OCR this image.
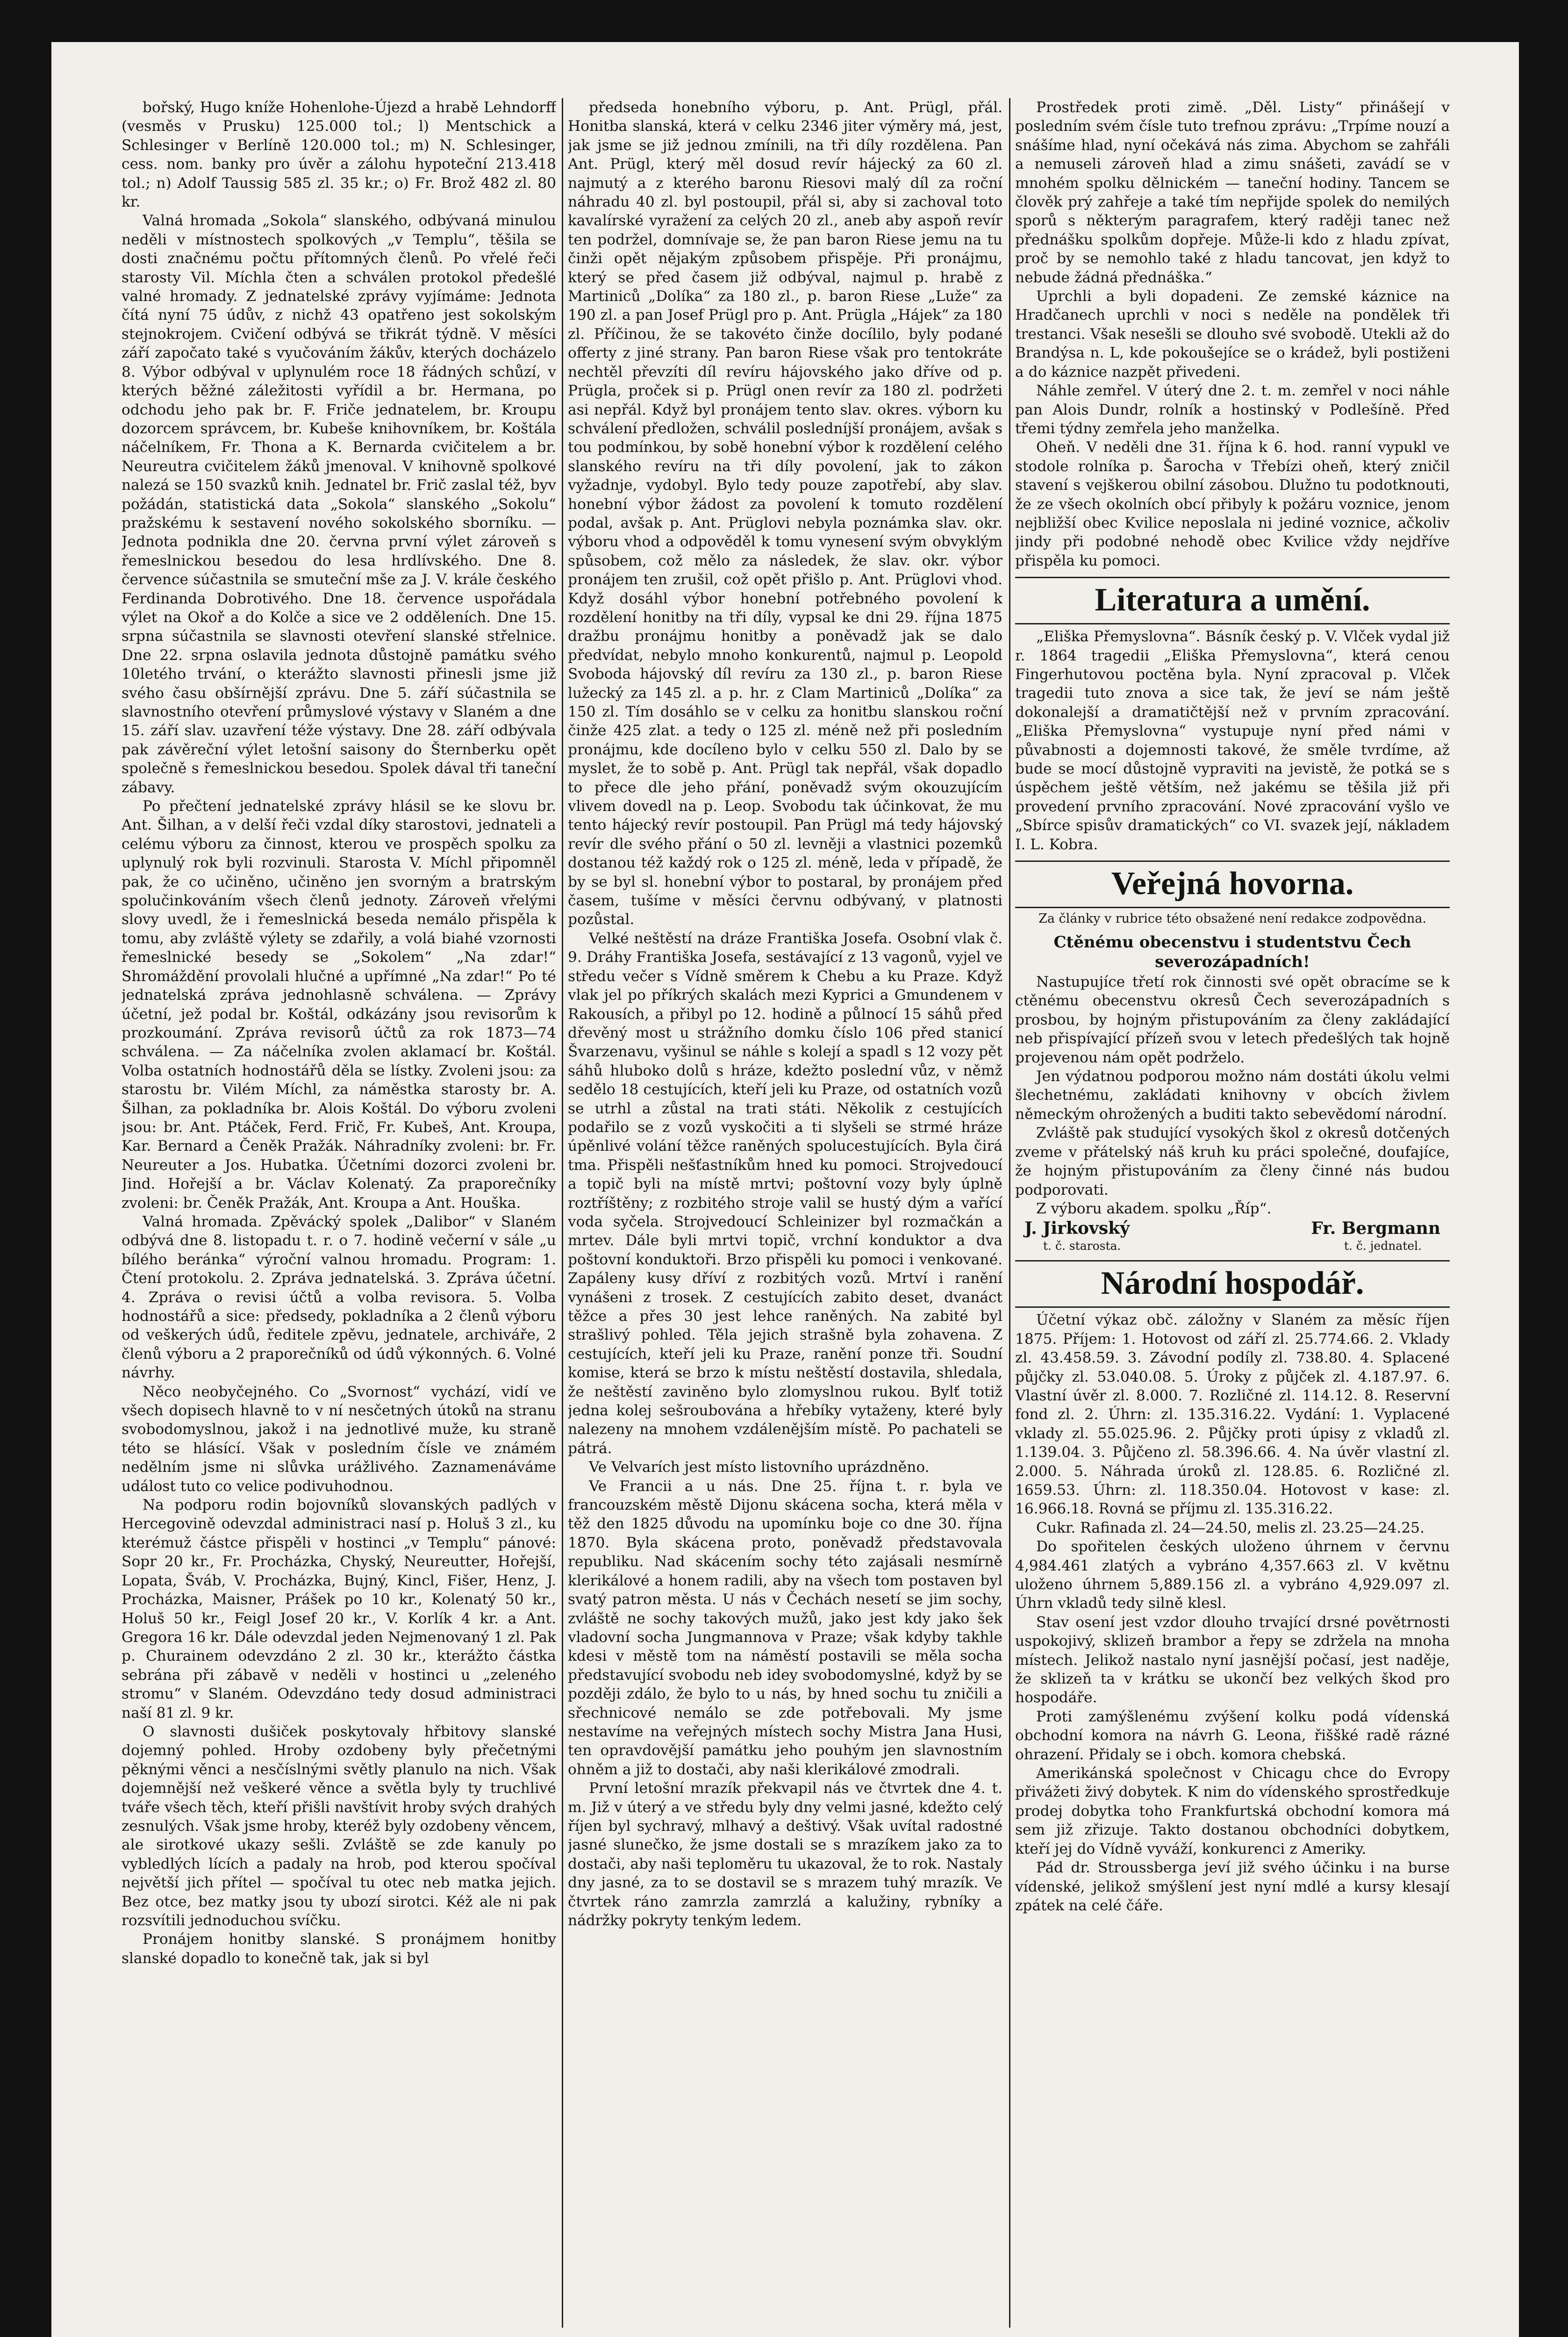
bořský, Hugo kníže Hohenlohe-Újezd a hrabě Lehndorff (vesměs v Prusku) 125.000 tol.; l) Mentschick a Schlesinger v Berlíně 120.000 tol.; m) N. Schlesinger, cess. nom. banky pro úvěr a zálohu hypoteční 213.418 tol.; n) Adolf Taussig 585 zl. 35 kr.; o) Fr. Brož 482 zl. 80 kr.

Valná hromada „Sokola“ slanského, odbývaná minulou neděli v místnostech spolkových „v Templu“, těšila se dosti značnému počtu přítomných členů. Po vřelé řeči starosty Vil. Míchla čten a schválen protokol předešlé valné hromady. Z jednatelské zprávy vyjímáme: Jednota čítá nyní 75 údův, z nichž 43 opatřeno jest sokolským stejnokrojem. Cvičení odbývá se třikrát týdně. V měsíci září započato také s vyučováním žákův, kterých docházelo 8. Výbor odbýval v uplynulém roce 18 řádných schůzí, v kterých běžné záležitosti vyřídil a br. Hermana, po odchodu jeho pak br. F. Friče jednatelem, br. Kroupu dozorcem správcem, br. Kubeše knihovníkem, br. Koštála náčelníkem, Fr. Thona a K. Bernarda cvičitelem a br. Neureutra cvičitelem žáků jmenoval. V knihovně spolkové nalezá se 150 svazků knih. Jednatel br. Frič zaslal též, byv požádán, statistická data „Sokola“ slanského „Sokolu“ pražskému k sestavení nového sokolského sborníku. — Jednota podnikla dne 20. června první výlet zároveň s řemeslnickou besedou do lesa hrdlívského. Dne 8. července súčastnila se smuteční mše za J. V. krále českého Ferdinanda Dobrotivého. Dne 18. července uspořádala výlet na Okoř a do Kolče a sice ve 2 odděleních. Dne 15. srpna súčastnila se slavnosti otevření slanské střelnice. Dne 22. srpna oslavila jednota důstojně památku svého 10letého trvání, o kterážto slavnosti přinesli jsme již svého času obšírnější zprávu. Dne 5. září súčastnila se slavnostního otevření průmyslové výstavy v Slaném a dne 15. září slav. uzavření téže výstavy. Dne 28. září odbývala pak závěreční výlet letošní saisony do Šternberku opět společně s řemeslnickou besedou. Spolek dával tři taneční zábavy.

Po přečtení jednatelské zprávy hlásil se ke slovu br. Ant. Šilhan, a v delší řeči vzdal díky starostovi, jednateli a celému výboru za činnost, kterou ve prospěch spolku za uplynulý rok byli rozvinuli. Starosta V. Míchl připomněl pak, že co učiněno, učiněno jen svorným a bratrským spolučinkováním všech členů jednoty. Zároveň vřelými slovy uvedl, že i řemeslnická beseda nemálo přispěla k tomu, aby zvláště výlety se zdařily, a volá biahé vzornosti řemeslnické besedy se „Sokolem“ „Na zdar!“ Shromáždění provolali hlučné a upřímné „Na zdar!“ Po té jednatelská zpráva jednohlasně schválena. — Zprávy účetní, jež podal br. Koštál, odkázány jsou revisorům k prozkoumání. Zpráva revisorů účtů za rok 1873—74 schválena. — Za náčelníka zvolen aklamací br. Koštál. Volba ostatních hodnostářů děla se lístky. Zvoleni jsou: za starostu br. Vilém Míchl, za náměstka starosty br. A. Šilhan, za pokladníka br. Alois Koštál. Do výboru zvoleni jsou: br. Ant. Ptáček, Ferd. Frič, Fr. Kubeš, Ant. Kroupa, Kar. Bernard a Čeněk Pražák. Náhradníky zvoleni: br. Fr. Neureuter a Jos. Hubatka. Účetními dozorci zvoleni br. Jind. Hořejší a br. Václav Kolenatý. Za praporečníky zvoleni: br. Čeněk Pražák, Ant. Kroupa a Ant. Houška.

Valná hromada. Zpěvácký spolek „Dalibor“ v Slaném odbývá dne 8. listopadu t. r. o 7. hodině večerní v sále „u bílého beránka“ výroční valnou hromadu. Program: 1. Čtení protokolu. 2. Zpráva jednatelská. 3. Zpráva účetní. 4. Zpráva o revisi účtů a volba revisora. 5. Volba hodnostářů a sice: předsedy, pokladníka a 2 členů výboru od veškerých údů, ředitele zpěvu, jednatele, archiváře, 2 členů výboru a 2 praporečníků od údů výkonných. 6. Volné návrhy.

Něco neobyčejného. Co „Svornost“ vychází, vidí ve všech dopisech hlavně to v ní nesčetných útoků na stranu svobodomyslnou, jakož i na jednotlivé muže, ku straně této se hlásící. Však v posledním čísle ve známém nedělním jsme ni slůvka urážlivého. Zaznamenáváme událost tuto co velice podivuhodnou.

Na podporu rodin bojovníků slovanských padlých v Hercegovině odevzdal administraci nasí p. Holuš 3 zl., ku kterémuž částce přispěli v hostinci „v Templu“ pánové: Sopr 20 kr., Fr. Procházka, Chyský, Neureutter, Hořejší, Lopata, Šváb, V. Procházka, Bujný, Kincl, Fišer, Henz, J. Procházka, Maisner, Prášek po 10 kr., Kolenatý 50 kr., Holuš 50 kr., Feigl Josef 20 kr., V. Korlík 4 kr. a Ant. Gregora 16 kr. Dále odevzdal jeden Nejmenovaný 1 zl. Pak p. Churainem odevzdáno 2 zl. 30 kr., kterážto částka sebrána při zábavě v neděli v hostinci u „zeleného stromu“ v Slaném. Odevzdáno tedy dosud administraci naší 81 zl. 9 kr.

O slavnosti dušiček poskytovaly hřbitovy slanské dojemný pohled. Hroby ozdobeny byly přečetnými pěknými věnci a nesčíslnými světly planulo na nich. Však dojemnější než veškeré věnce a světla byly ty truchlivé tváře všech těch, kteří přišli navštívit hroby svých drahých zesnulých. Však jsme hroby, kteréž byly ozdobeny věncem, ale sirotkové ukazy sešli. Zvláště se zde kanuly po vybledlých lících a padaly na hrob, pod kterou spočíval největší jich přítel — spočíval tu otec neb matka jejich. Bez otce, bez matky jsou ty ubozí sirotci. Kéž ale ni pak rozsvítili jednoduchou svíčku.

Pronájem honitby slanské. S pronájmem honitby slanské dopadlo to konečně tak, jak si byl

předseda honebního výboru, p. Ant. Prügl, přál. Honitba slanská, která v celku 2346 jiter výměry má, jest, jak jsme se již jednou zmínili, na tři díly rozdělena. Pan Ant. Prügl, který měl dosud revír hájecký za 60 zl. najmutý a z kterého baronu Riesovi malý díl za roční náhradu 40 zl. byl postoupil, přál si, aby si zachoval toto kavalírské vyražení za celých 20 zl., aneb aby aspoň revír ten podržel, domnívaje se, že pan baron Riese jemu na tu činži opět nějakým způsobem přispěje. Při pronájmu, který se před časem již odbýval, najmul p. hrabě z Martiniců „Dolíka“ za 180 zl., p. baron Riese „Luže“ za 190 zl. a pan Josef Prügl pro p. Ant. Prügla „Hájek“ za 180 zl. Příčinou, že se takovéto činže docílilo, byly podané offerty z jiné strany. Pan baron Riese však pro tentokráte nechtěl převzíti díl revíru hájovského jako dříve od p. Prügla, proček si p. Prügl onen revír za 180 zl. podržeti asi nepřál. Když byl pronájem tento slav. okres. výborn ku schválení předložen, schválil posledníjší pronájem, avšak s tou podmínkou, by sobě honební výbor k rozdělení celého slanského revíru na tři díly povolení, jak to zákon vyžadnje, vydobyl. Bylo tedy pouze zapotřebí, aby slav. honební výbor žádost za povolení k tomuto rozdělení podal, avšak p. Ant. Prüglovi nebyla poznámka slav. okr. výboru vhod a odpověděl k tomu vynesení svým obvyklým spůsobem, což mělo za následek, že slav. okr. výbor pronájem ten zrušil, což opět přišlo p. Ant. Prüglovi vhod. Když dosáhl výbor honební potřebného povolení k rozdělení honitby na tři díly, vypsal ke dni 29. října 1875 dražbu pronájmu honitby a poněvadž jak se dalo předvídat, nebylo mnoho konkurentů, najmul p. Leopold Svoboda hájovský díl revíru za 130 zl., p. baron Riese lužecký za 145 zl. a p. hr. z Clam Martiniců „Dolíka“ za 150 zl. Tím dosáhlo se v celku za honitbu slanskou roční činže 425 zlat. a tedy o 125 zl. méně než při posledním pronájmu, kde docíleno bylo v celku 550 zl. Dalo by se myslet, že to sobě p. Ant. Prügl tak nepřál, však dopadlo to přece dle jeho přání, poněvadž svým okouzujícím vlivem dovedl na p. Leop. Svobodu tak účinkovat, že mu tento hájecký revír postoupil. Pan Prügl má tedy hájovský revír dle svého přání o 50 zl. levněji a vlastnici pozemků dostanou též každý rok o 125 zl. méně, leda v případě, že by se byl sl. honební výbor to postaral, by pronájem před časem, tušíme v měsíci červnu odbývaný, v platnosti pozůstal.

Velké neštěstí na dráze Františka Josefa. Osobní vlak č. 9. Dráhy Františka Josefa, sestávající z 13 vagonů, vyjel ve středu večer s Vídně směrem k Chebu a ku Praze. Když vlak jel po příkrých skalách mezi Kyprici a Gmundenem v Rakousích, a přibyl po 12. hodině a půlnocí 15 sáhů před dřevěný most u strážního domku číslo 106 před stanicí Švarzenavu, vyšinul se náhle s kolejí a spadl s 12 vozy pět sáhů hluboko dolů s hráze, kdežto poslední vůz, v němž sedělo 18 cestujících, kteří jeli ku Praze, od ostatních vozů se utrhl a zůstal na trati státi. Několik z cestujících podařilo se z vozů vyskočiti a ti slyšeli se strmé hráze úpěnlivé volání těžce raněných spolucestujících. Byla čirá tma. Přispěli nešťastníkům hned ku pomoci. Strojvedoucí a topič byli na místě mrtvi; poštovní vozy byly úplně roztříštěny; z rozbitého stroje valil se hustý dým a vařící voda syčela. Strojvedoucí Schleinizer byl rozmačkán a mrtev. Dále byli mrtvi topič, vrchní konduktor a dva poštovní konduktoři. Brzo přispěli ku pomoci i venkované. Zapáleny kusy dříví z rozbitých vozů. Mrtví i ranění vynášeni z trosek. Z cestujících zabito deset, dvanáct těžce a přes 30 jest lehce raněných. Na zabité byl strašlivý pohled. Těla jejich strašně byla zohavena. Z cestujících, kteří jeli ku Praze, ranění ponze tři. Soudní komise, která se brzo k místu neštěstí dostavila, shledala, že neštěstí zaviněno bylo zlomyslnou rukou. Bylť totiž jedna kolej sešroubována a hřebíky vytaženy, které byly nalezeny na mnohem vzdálenějším místě. Po pachateli se pátrá.

Ve Velvarích jest místo listovního uprázdněno.

Ve Francii a u nás. Dne 25. října t. r. byla ve francouzském městě Dijonu skácena socha, která měla v těž den 1825 důvodu na upomínku boje co dne 30. října 1870. Byla skácena proto, poněvadž představovala republiku. Nad skácením sochy této zajásali nesmírně klerikálové a honem radili, aby na všech tom postaven byl svatý patron města. U nás v Čechách nesetí se jim sochy, zvláště ne sochy takových mužů, jako jest kdy jako šek vladovní socha Jungmannova v Praze; však kdyby takhle kdesi v městě tom na náměstí postavili se měla socha představující svobodu neb idey svobodomyslné, když by se později zdálo, že bylo to u nás, by hned sochu tu zničili a sřechnicové nemálo se zde potřebovali. My jsme nestavíme na veřejných místech sochy Mistra Jana Husi, ten opravdovější památku jeho pouhým jen slavnostním ohněm a již to dostači, aby naši klerikálové zmodrali.

První letošní mrazík překvapil nás ve čtvrtek dne 4. t. m. Již v úterý a ve středu byly dny velmi jasné, kdežto celý říjen byl sychravý, mlhavý a deštivý. Však uvítal radostné jasné slunečko, že jsme dostali se s mrazíkem jako za to dostači, aby naši teploměru tu ukazoval, že to rok. Nastaly dny jasné, za to se dostavil se s mrazem tuhý mrazík. Ve čtvrtek ráno zamrzla zamrzlá a kalužiny, rybníky a nádržky pokryty tenkým ledem.

Prostředek proti zimě. „Děl. Listy“ přinášejí v posledním svém čísle tuto trefnou zprávu: „Trpíme nouzí a snášíme hlad, nyní očekává nás zima. Abychom se zahřáli a nemuseli zároveň hlad a zimu snášeti, zavádí se v mnohém spolku dělnickém — taneční hodiny. Tancem se člověk prý zahřeje a také tím nepřijde spolek do nemilých sporů s některým paragrafem, který raději tanec než přednášku spolkům dopřeje. Může-li kdo z hladu zpívat, proč by se nemohlo také z hladu tancovat, jen když to nebude žádná přednáška.“

Uprchli a byli dopadeni. Ze zemské káznice na Hradčanech uprchli v noci s neděle na pondělek tři trestanci. Však nesešli se dlouho své svobodě. Utekli až do Brandýsa n. L, kde pokoušejíce se o krádež, byli postiženi a do káznice nazpět přivedeni.

Náhle zemřel. V úterý dne 2. t. m. zemřel v noci náhle pan Alois Dundr, rolník a hostinský v Podlešíně. Před třemi týdny zemřela jeho manželka.

Oheň. V neděli dne 31. října k 6. hod. ranní vypukl ve stodole rolníka p. Šarocha v Třebízi oheň, který zničil stavení s vejškerou obilní zásobou. Dlužno tu podotknouti, že ze všech okolních obcí přibyly k požáru voznice, jenom nejbližší obec Kvilice neposlala ni jediné voznice, ačkoliv jindy při podobné nehodě obec Kvilice vždy nejdříve přispěla ku pomoci.

Literatura a umění.

„Eliška Přemyslovna“. Básník český p. V. Vlček vydal již r. 1864 tragedii „Eliška Přemyslovna“, která cenou Fingerhutovou poctěna byla. Nyní zpracoval p. Vlček tragedii tuto znova a sice tak, že jeví se nám ještě dokonalejší a dramatičtější než v prvním zpracování. „Eliška Přemyslovna“ vystupuje nyní před námi v půvabnosti a dojemnosti takové, že směle tvrdíme, až bude se mocí důstojně vypraviti na jevistě, že potká se s úspěchem ještě větším, než jakému se těšila již při provedení prvního zpracování. Nové zpracování vyšlo ve „Sbírce spisův dramatických“ co VI. svazek její, nákladem I. L. Kobra.

Veřejná hovorna.
Za články v rubrice této obsažené není redakce zodpovědna.
Ctěnému obecenstvu i studentstvu Čech severozápadních!

Nastupujíce třetí rok činnosti své opět obracíme se k ctěnému obecenstvu okresů Čech severozápadních s prosbou, by hojným přistupováním za členy zakládající neb přispívající přízeň svou v letech předešlých tak hojně projevenou nám opět podrželo.

Jen výdatnou podporou možno nám dostáti úkolu velmi šlechetnému, zakládati knihovny v obcích živlem německým ohrožených a buditi takto sebevědomí národní.

Zvláště pak studující vysokých škol z okresů dotčených zveme v přátelský náš kruh ku práci společné, doufajíce, že hojným přistupováním za členy činné nás budou podporovati.

Z výboru akadem. spolku „Říp“.

J. Jirkovský	Fr. Bergmann
t. č. starosta.	t. č. jednatel.
Národní hospodář.

Účetní výkaz obč. záložny v Slaném za měsíc říjen 1875. Příjem: 1. Hotovost od září zl. 25.774.66. 2. Vklady zl. 43.458.59. 3. Závodní podíly zl. 738.80. 4. Splacené půjčky zl. 53.040.08. 5. Úroky z půjček zl. 4.187.97. 6. Vlastní úvěr zl. 8.000. 7. Rozličné zl. 114.12. 8. Reservní fond zl. 2. Úhrn: zl. 135.316.22. Vydání: 1. Vyplacené vklady zl. 55.025.96. 2. Půjčky proti úpisy z vkladů zl. 1.139.04. 3. Půjčeno zl. 58.396.66. 4. Na úvěr vlastní zl. 2.000. 5. Náhrada úroků zl. 128.85. 6. Rozličné zl. 1659.53. Úhrn: zl. 118.350.04. Hotovost v kase: zl. 16.966.18. Rovná se příjmu zl. 135.316.22.

Cukr. Rafinada zl. 24—24.50, melis zl. 23.25—24.25.

Do spořitelen českých uloženo úhrnem v červnu 4,984.461 zlatých a vybráno 4,357.663 zl. V květnu uloženo úhrnem 5,889.156 zl. a vybráno 4,929.097 zl. Úhrn vkladů tedy silně klesl.

Stav osení jest vzdor dlouho trvající drsné povětrnosti uspokojivý, sklizeň brambor a řepy se zdržela na mnoha místech. Jelikož nastalo nyní jasnější počasí, jest naděje, že sklizeň ta v krátku se ukončí bez velkých škod pro hospodáře.

Proti zamýšlenému zvýšení kolku podá vídenská obchodní komora na návrh G. Leona, řiššké radě rázné ohrazení. Přidaly se i obch. komora chebská.

Amerikánská společnost v Chicagu chce do Evropy přivážeti živý dobytek. K nim do vídenského sprostředkuje prodej dobytka toho Frankfurtská obchodní komora má sem již zřizuje. Takto dostanou obchodníci dobytkem, kteří jej do Vídně vyváží, konkurenci z Ameriky.

Pád dr. Stroussberga jeví již svého účinku i na burse vídenské, jelikož smýšlení jest nyní mdlé a kursy klesají zpátek na celé čáře.
